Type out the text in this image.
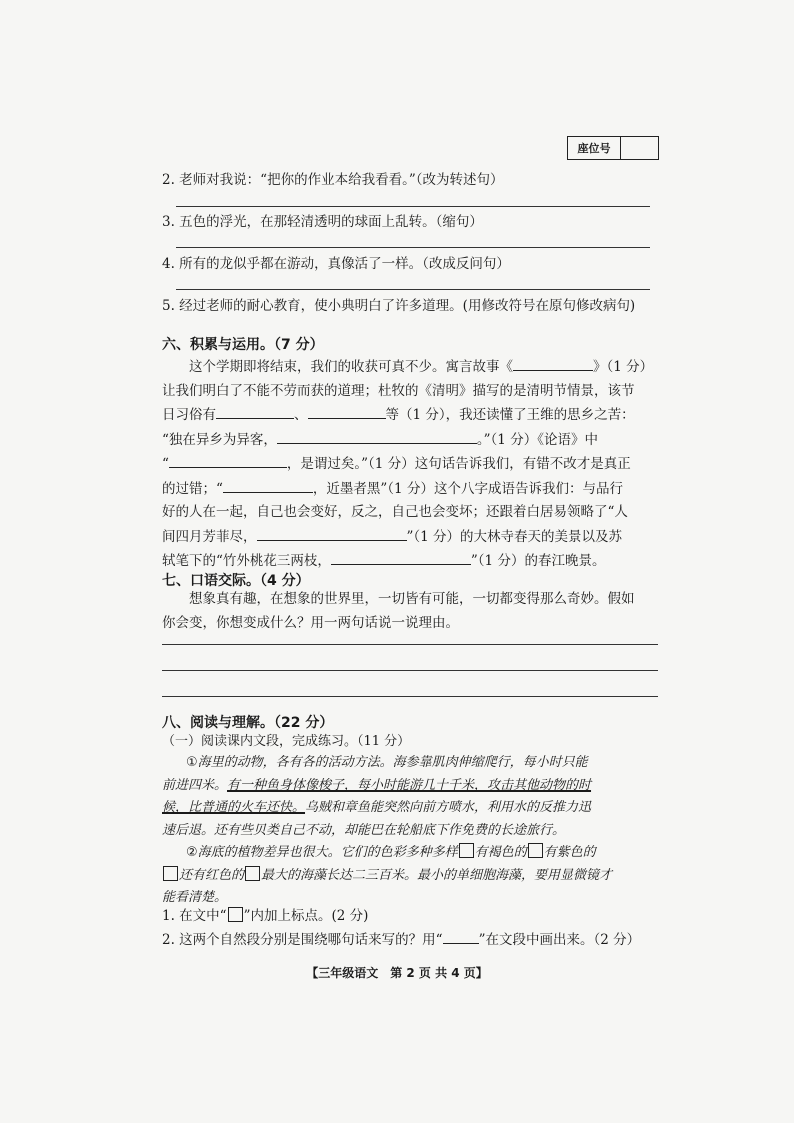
座位号
2. 老师对我说：“把你的作业本给我看看。”（改为转述句）
3. 五色的浮光，在那轻清透明的球面上乱转。（缩句）
4. 所有的龙似乎都在游动，真像活了一样。（改成反问句）
5. 经过老师的耐心教育，使小典明白了许多道理。(用修改符号在原句修改病句)
六、积累与运用。（7 分）
这个学期即将结束，我们的收获可真不少。寓言故事《	》（1 分）
让我们明白了不能不劳而获的道理；杜牧的《清明》描写的是清明节情景，该节
日习俗有	、	等（1 分），我还读懂了王维的思乡之苦：
“独在异乡为异客，	。”（1 分）《论语》中
“	，是谓过矣。”（1 分）这句话告诉我们，有错不改才是真正
的过错；“	，近墨者黑”（1 分）这个八字成语告诉我们：与品行
好的人在一起，自己也会变好，反之，自己也会变坏；还跟着白居易领略了“人
间四月芳菲尽，	”（1 分）的大林寺春天的美景以及苏
轼笔下的“竹外桃花三两枝，	”（1 分）的春江晚景。
七、口语交际。（4 分）
想象真有趣，在想象的世界里，一切皆有可能，一切都变得那么奇妙。假如
你会变，你想变成什么？用一两句话说一说理由。
八、阅读与理解。（22 分）
（一）阅读课内文段，完成练习。（11 分）
①海里的动物，各有各的活动方法。海参靠肌肉伸缩爬行，每小时只能
前进四米。有一种鱼身体像梭子，每小时能游几十千米，攻击其他动物的时
候，比普通的火车还快。乌贼和章鱼能突然向前方喷水，利用水的反推力迅
速后退。还有些贝类自己不动，却能巴在轮船底下作免费的长途旅行。
②海底的植物差异也很大。它们的色彩多种多样 有褐色的 有紫色的
还有红色的 最大的海藻长达二三百米。最小的单细胞海藻，要用显微镜才
能看清楚。
1. 在文中“ ”内加上标点。(2 分)
【三年级语文　第 2 页 共 4 页】
2. 这两个自然段分别是围绕哪句话来写的？用“	”在文段中画出来。（2 分）
